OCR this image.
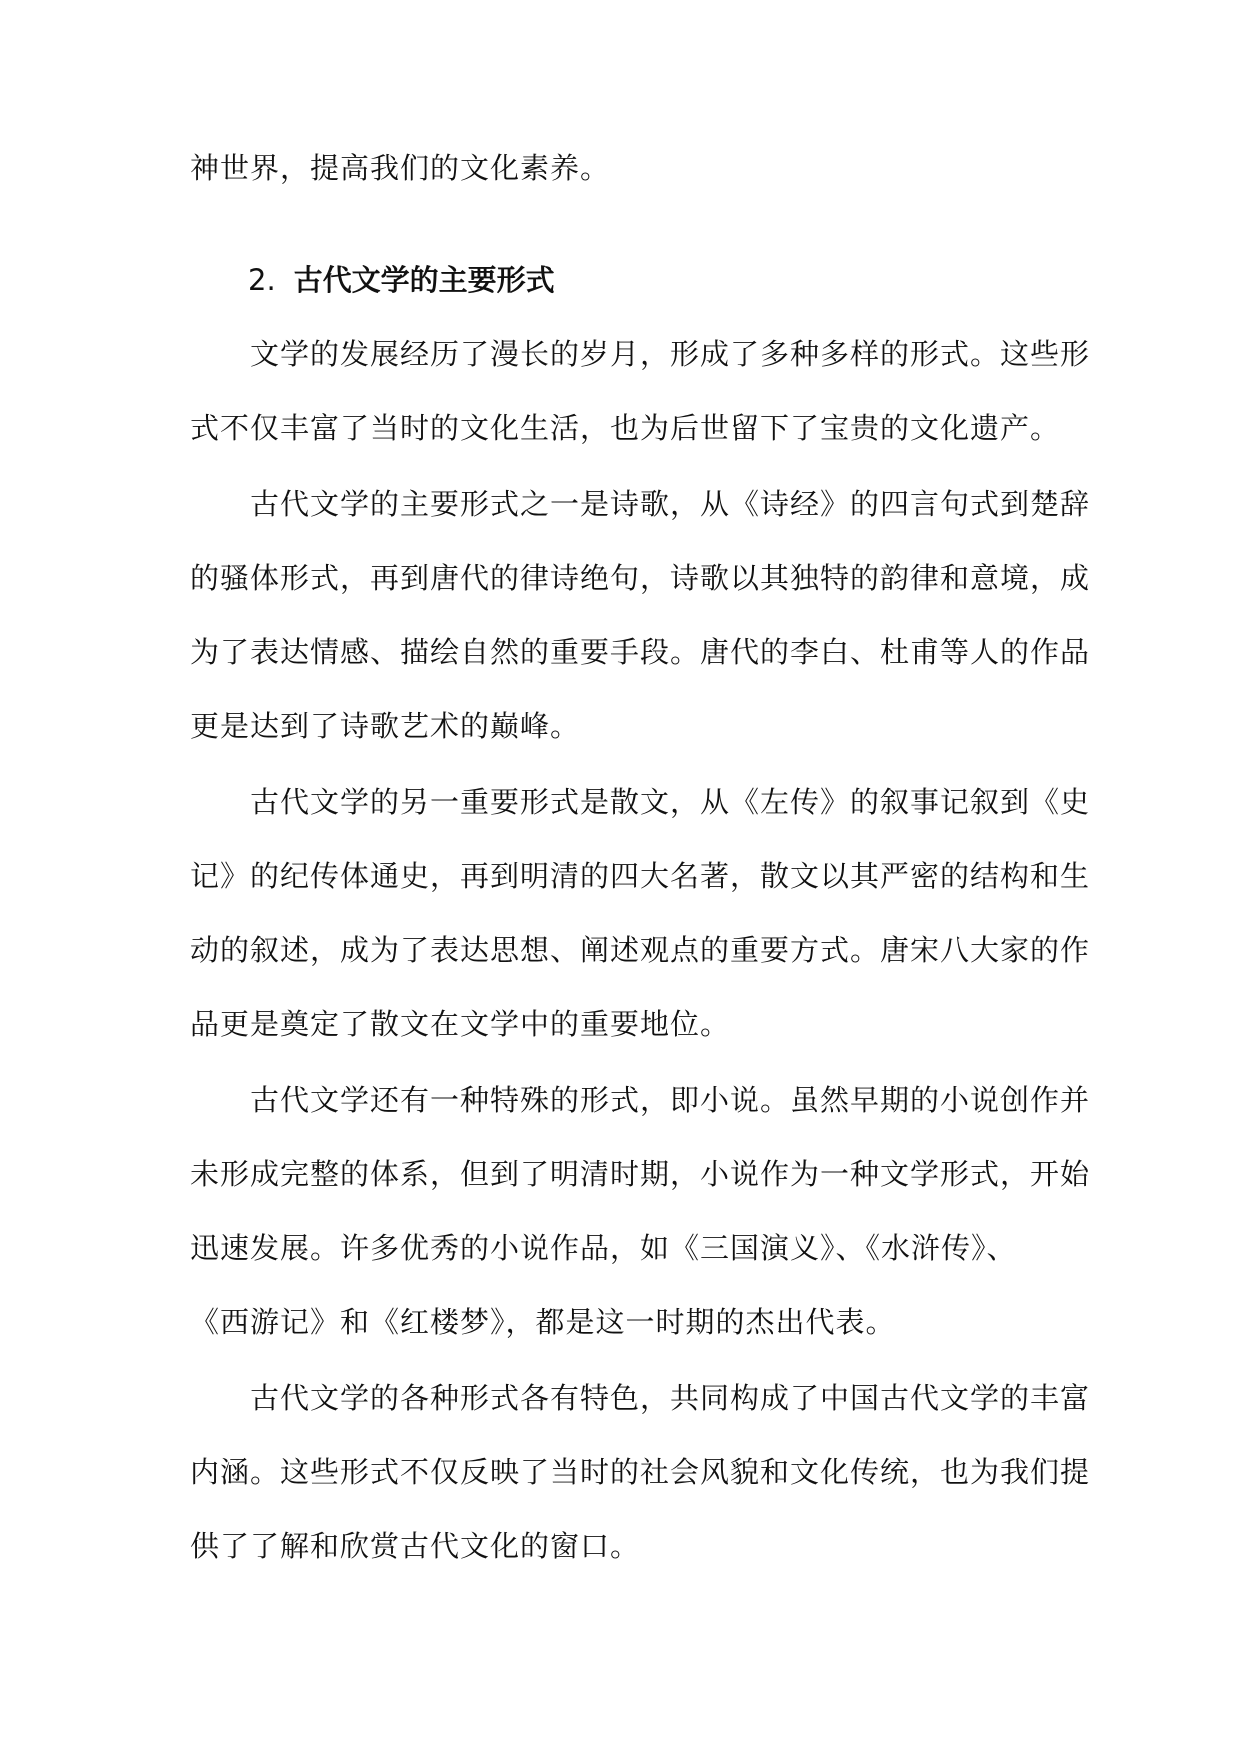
神世界，提高我们的文化素养。
2. 古代文学的主要形式
文学的发展经历了漫长的岁月，形成了多种多样的形式。这些形
式不仅丰富了当时的文化生活，也为后世留下了宝贵的文化遗产。
古代文学的主要形式之一是诗歌，从《诗经》的四言句式到楚辞
的骚体形式，再到唐代的律诗绝句，诗歌以其独特的韵律和意境，成
为了表达情感、描绘自然的重要手段。唐代的李白、杜甫等人的作品
更是达到了诗歌艺术的巅峰。
古代文学的另一重要形式是散文，从《左传》的叙事记叙到《史
记》的纪传体通史，再到明清的四大名著，散文以其严密的结构和生
动的叙述，成为了表达思想、阐述观点的重要方式。唐宋八大家的作
品更是奠定了散文在文学中的重要地位。
古代文学还有一种特殊的形式，即小说。虽然早期的小说创作并
未形成完整的体系，但到了明清时期，小说作为一种文学形式，开始
迅速发展。许多优秀的小说作品，如《三国演义》、《水浒传》、
《西游记》和《红楼梦》，都是这一时期的杰出代表。
古代文学的各种形式各有特色，共同构成了中国古代文学的丰富
内涵。这些形式不仅反映了当时的社会风貌和文化传统，也为我们提
供了了解和欣赏古代文化的窗口。
